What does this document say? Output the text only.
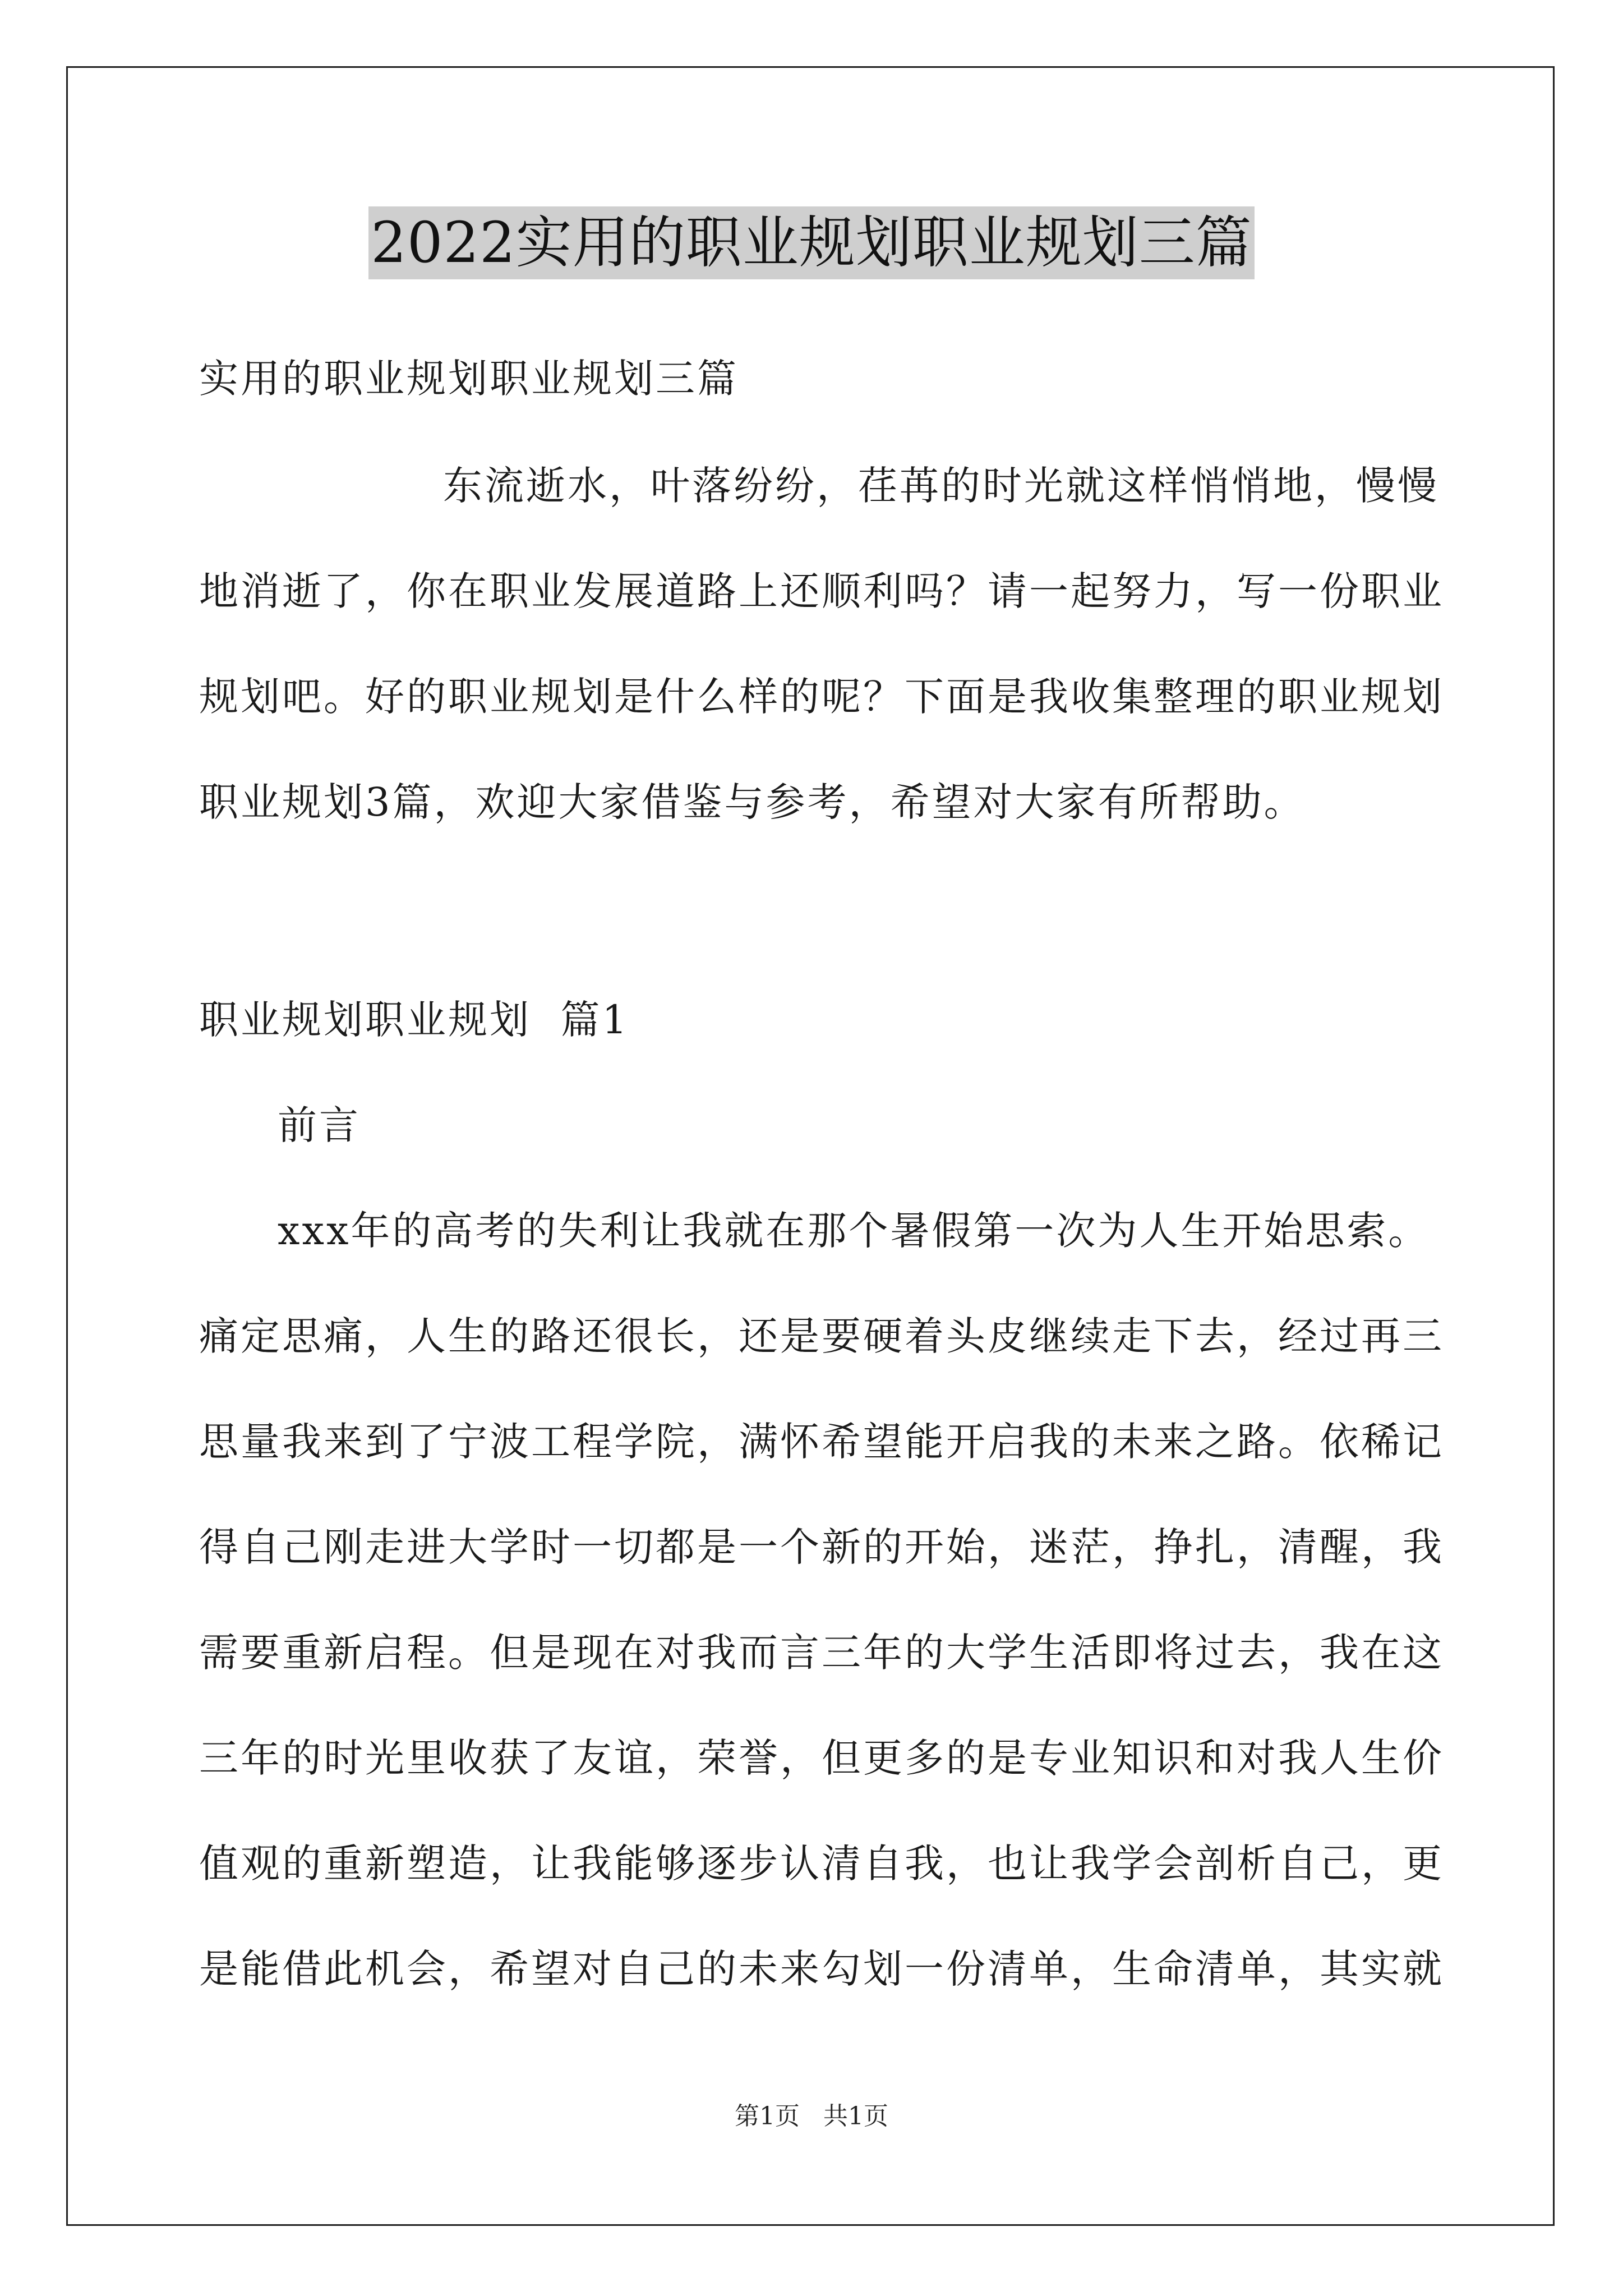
2022实用的职业规划职业规划三篇
实用的职业规划职业规划三篇
东流逝水，叶落纷纷，荏苒的时光就这样悄悄地，慢慢
地消逝了，你在职业发展道路上还顺利吗？请一起努力，写一份职业
规划吧。好的职业规划是什么样的呢？下面是我收集整理的职业规划
职业规划3篇，欢迎大家借鉴与参考，希望对大家有所帮助。
职业规划职业规划  篇1
前言
xxx年的高考的失利让我就在那个暑假第一次为人生开始思索。
痛定思痛，人生的路还很长，还是要硬着头皮继续走下去，经过再三
思量我来到了宁波工程学院，满怀希望能开启我的未来之路。依稀记
得自己刚走进大学时一切都是一个新的开始，迷茫，挣扎，清醒，我
需要重新启程。但是现在对我而言三年的大学生活即将过去，我在这
三年的时光里收获了友谊，荣誉，但更多的是专业知识和对我人生价
值观的重新塑造，让我能够逐步认清自我，也让我学会剖析自己，更
是能借此机会，希望对自己的未来勾划一份清单，生命清单，其实就
第1页   共1页
